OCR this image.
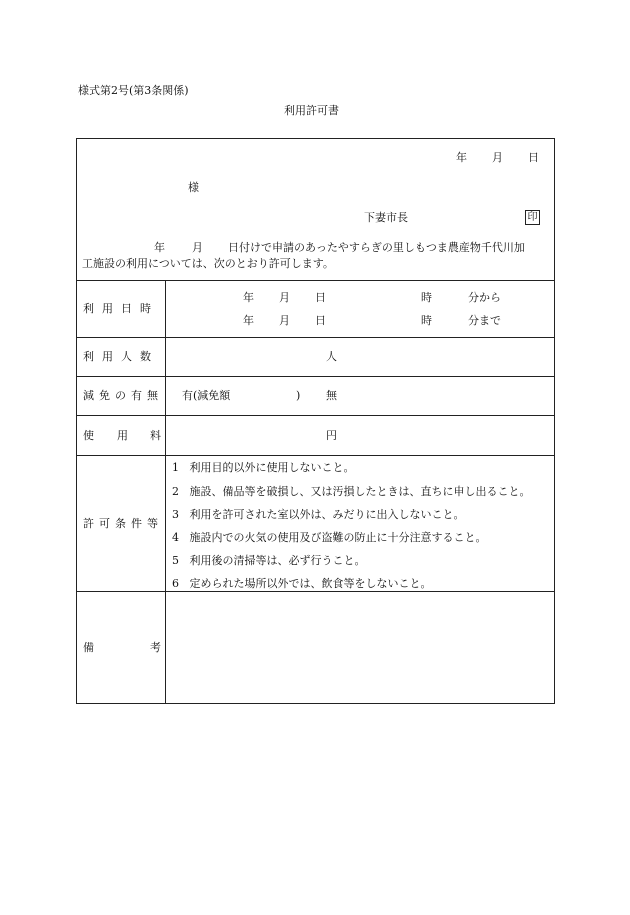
様式第2号(第3条関係)
利用許可書
年 月 日
様
下妻市長	印
年 月 日付けで申請のあったやすらぎの里しもつま農産物千代川加
工施設の利用については、次のとおり許可します。
利用日時
年 月 日	時	分から
年 月 日	時	分まで
利用人数	人
減免の有無 有(減免額	) 無
使 用 料	円
許可条件等
1 利用目的以外に使用しないこと。
2 施設、備品等を破損し、又は汚損したときは、直ちに申し出ること。
3 利用を許可された室以外は、みだりに出入しないこと。
4 施設内での火気の使用及び盗難の防止に十分注意すること。
5 利用後の清掃等は、必ず行うこと。
6 定められた場所以外では、飲食等をしないこと。
備	考
